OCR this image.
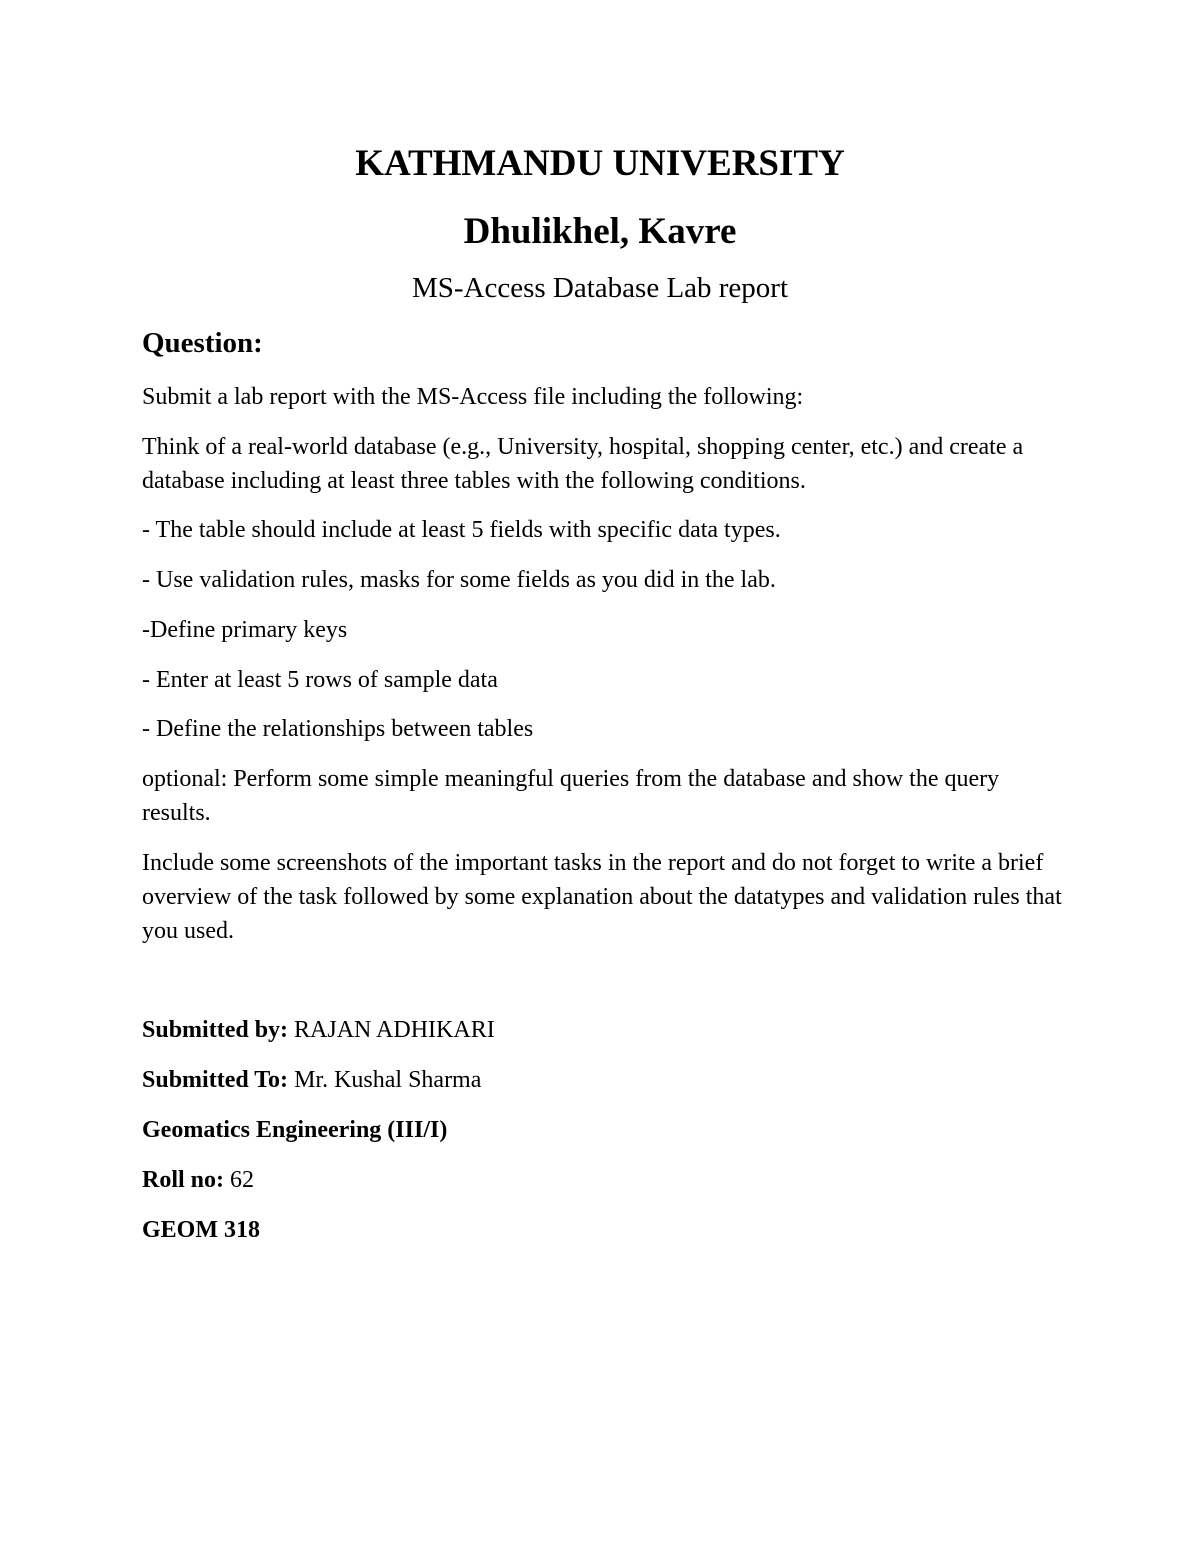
KATHMANDU UNIVERSITY
Dhulikhel, Kavre
MS-Access Database Lab report
Question:

Submit a lab report with the MS-Access file including the following:

Think of a real-world database (e.g., University, hospital, shopping center, etc.) and create a database including at least three tables with the following conditions.

- The table should include at least 5 fields with specific data types.

- Use validation rules, masks for some fields as you did in the lab.

-Define primary keys

- Enter at least 5 rows of sample data

- Define the relationships between tables

optional: Perform some simple meaningful queries from the database and show the query results.

Include some screenshots of the important tasks in the report and do not forget to write a brief overview of the task followed by some explanation about the datatypes and validation rules that you used.

Submitted by: RAJAN ADHIKARI
Submitted To: Mr. Kushal Sharma
Geomatics Engineering (III/I)
Roll no: 62
GEOM 318
